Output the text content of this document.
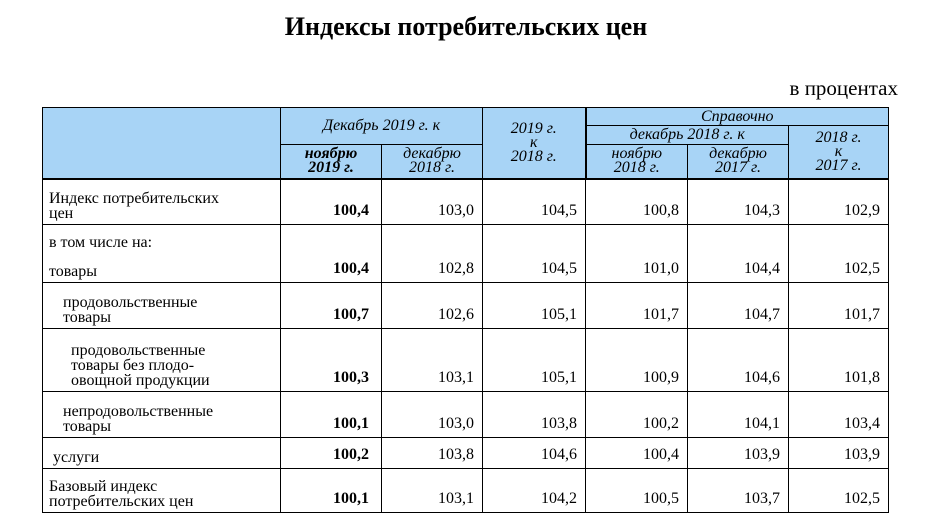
Индексы потребительских цен
в процентах
	Декабрь 2019 г. к		2019 г.
к
2018 г.	Справочно		
				декабрь 2018 г. к		2018 г.
к
2017 г.

	ноябрю
2019 г.	декабрю
2018 г.		ноябрю
2018 г.	декабрю
2017 г.	

Индекс потребительских
цен	100,4	103,0	104,5	100,8	104,3	102,9

в том числе на:
товары	100,4	102,8	104,5	101,0	104,4	102,5

продовольственные
товары	100,7	102,6	105,1	101,7	104,7	101,7

продовольственные
товары без плодо-
овощной продукции	100,3	103,1	105,1	100,9	104,6	101,8

непродовольственные
товары	100,1	103,0	103,8	100,2	104,1	103,4

услуги	100,2	103,8	104,6	100,4	103,9	103,9

Базовый индекс
потребительских цен	100,1	103,1	104,2	100,5	103,7	102,5
